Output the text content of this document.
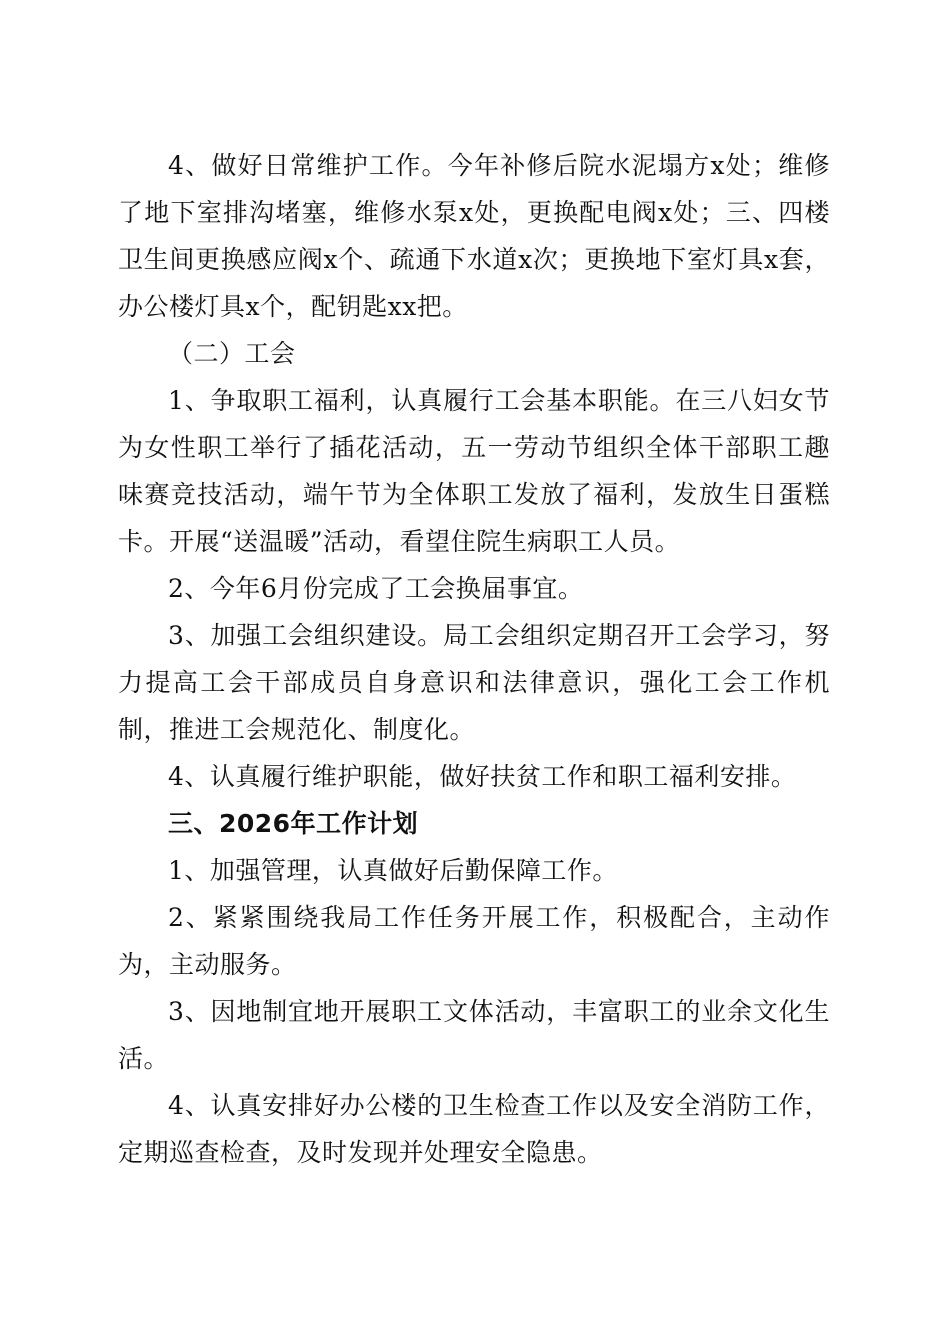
4、做好日常维护工作。今年补修后院水泥塌方x处；维修了地下室排沟堵塞，维修水泵x处，更换配电阀x处；三、四楼卫生间更换感应阀x个、疏通下水道x次；更换地下室灯具x套，办公楼灯具x个，配钥匙xx把。

（二）工会

1、争取职工福利，认真履行工会基本职能。在三八妇女节为女性职工举行了插花活动，五一劳动节组织全体干部职工趣味赛竞技活动，端午节为全体职工发放了福利，发放生日蛋糕卡。开展“送温暖”活动，看望住院生病职工人员。

2、今年6月份完成了工会换届事宜。

3、加强工会组织建设。局工会组织定期召开工会学习，努力提高工会干部成员自身意识和法律意识，强化工会工作机制，推进工会规范化、制度化。

4、认真履行维护职能，做好扶贫工作和职工福利安排。

三、2026年工作计划

1、加强管理，认真做好后勤保障工作。

2、紧紧围绕我局工作任务开展工作，积极配合，主动作为，主动服务。

3、因地制宜地开展职工文体活动，丰富职工的业余文化生活。

4、认真安排好办公楼的卫生检查工作以及安全消防工作，定期巡查检查，及时发现并处理安全隐患。
